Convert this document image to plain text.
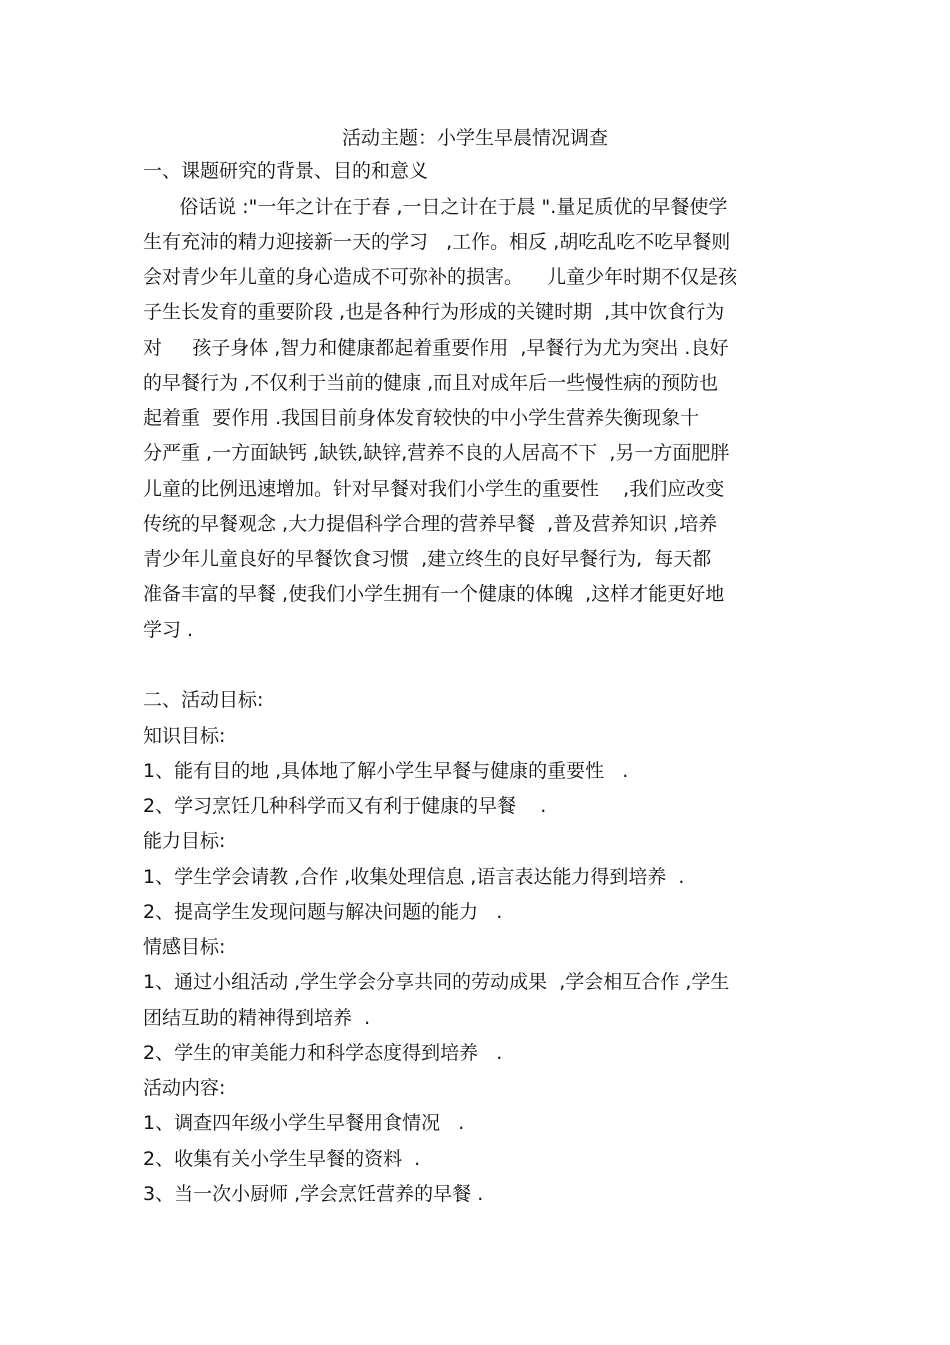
活动主题：小学生早晨情况调查
一、课题研究的背景、目的和意义
俗话说 :"一年之计在于春 ,一日之计在于晨 ".量足质优的早餐使学
生有充沛的精力迎接新一天的学习   ,工作。相反 ,胡吃乱吃不吃早餐则
会对青少年儿童的身心造成不可弥补的损害。    儿童少年时期不仅是孩
子生长发育的重要阶段 ,也是各种行为形成的关键时期  ,其中饮食行为
对     孩子身体 ,智力和健康都起着重要作用  ,早餐行为尤为突出 .良好
的早餐行为 ,不仅利于当前的健康 ,而且对成年后一些慢性病的预防也
起着重  要作用 .我国目前身体发育较快的中小学生营养失衡现象十
分严重 ,一方面缺钙 ,缺铁,缺锌,营养不良的人居高不下  ,另一方面肥胖
儿童的比例迅速增加。针对早餐对我们小学生的重要性    ,我们应改变
传统的早餐观念 ,大力提倡科学合理的营养早餐  ,普及营养知识 ,培养
青少年儿童良好的早餐饮食习惯  ,建立终生的良好早餐行为,  每天都
准备丰富的早餐 ,使我们小学生拥有一个健康的体魄  ,这样才能更好地
学习 .
二、活动目标:
知识目标:
1、能有目的地 ,具体地了解小学生早餐与健康的重要性   .
2、学习烹饪几种科学而又有利于健康的早餐    .
能力目标:
1、学生学会请教 ,合作 ,收集处理信息 ,语言表达能力得到培养  .
2、提高学生发现问题与解决问题的能力   .
情感目标:
1、通过小组活动 ,学生学会分享共同的劳动成果  ,学会相互合作 ,学生
团结互助的精神得到培养  .
2、学生的审美能力和科学态度得到培养   .
活动内容:
1、调查四年级小学生早餐用食情况   .
2、收集有关小学生早餐的资料  .
3、当一次小厨师 ,学会烹饪营养的早餐 .
